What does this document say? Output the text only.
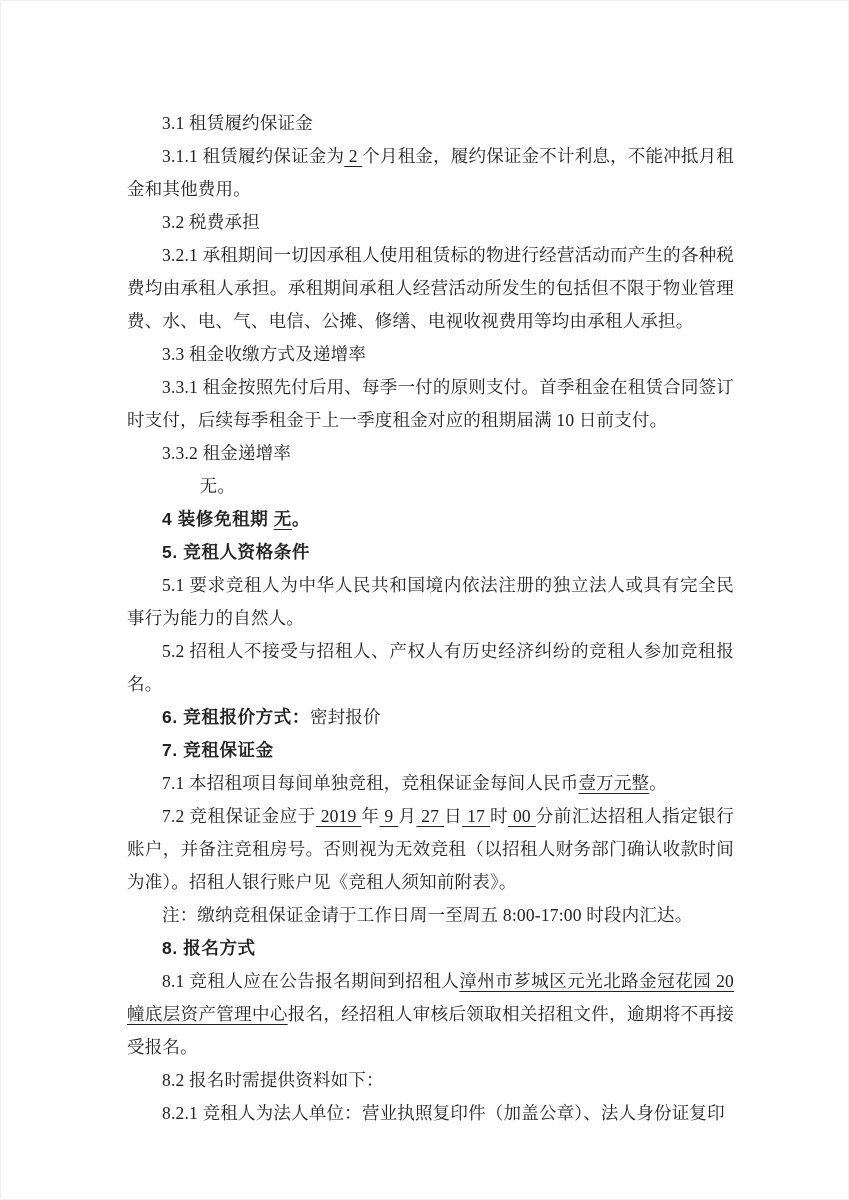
3.1 租赁履约保证金

3.1.1 租赁履约保证金为 2 个月租金，履约保证金不计利息，不能冲抵月租金和其他费用。

3.2 税费承担

3.2.1 承租期间一切因承租人使用租赁标的物进行经营活动而产生的各种税费均由承租人承担。承租期间承租人经营活动所发生的包括但不限于物业管理费、水、电、气、电信、公摊、修缮、电视收视费用等均由承租人承担。

3.3 租金收缴方式及递增率

3.3.1 租金按照先付后用、每季一付的原则支付。首季租金在租赁合同签订时支付，后续每季租金于上一季度租金对应的租期届满 10 日前支付。

3.3.2 租金递增率

无。

4 装修免租期 无。

5. 竞租人资格条件

5.1 要求竞租人为中华人民共和国境内依法注册的独立法人或具有完全民事行为能力的自然人。

5.2 招租人不接受与招租人、产权人有历史经济纠纷的竞租人参加竞租报名。

6. 竞租报价方式：密封报价

7. 竞租保证金

7.1 本招租项目每间单独竞租，竞租保证金每间人民币壹万元整。

7.2 竞租保证金应于 2019 年 9 月 27 日 17 时 00 分前汇达招租人指定银行账户，并备注竞租房号。否则视为无效竞租（以招租人财务部门确认收款时间为准）。招租人银行账户见《竞租人须知前附表》。

注：缴纳竞租保证金请于工作日周一至周五 8:00-17:00 时段内汇达。

8. 报名方式

8.1 竞租人应在公告报名期间到招租人漳州市芗城区元光北路金冠花园 20 幢底层资产管理中心报名，经招租人审核后领取相关招租文件，逾期将不再接受报名。

8.2 报名时需提供资料如下：

8.2.1 竞租人为法人单位：营业执照复印件（加盖公章）、法人身份证复印
